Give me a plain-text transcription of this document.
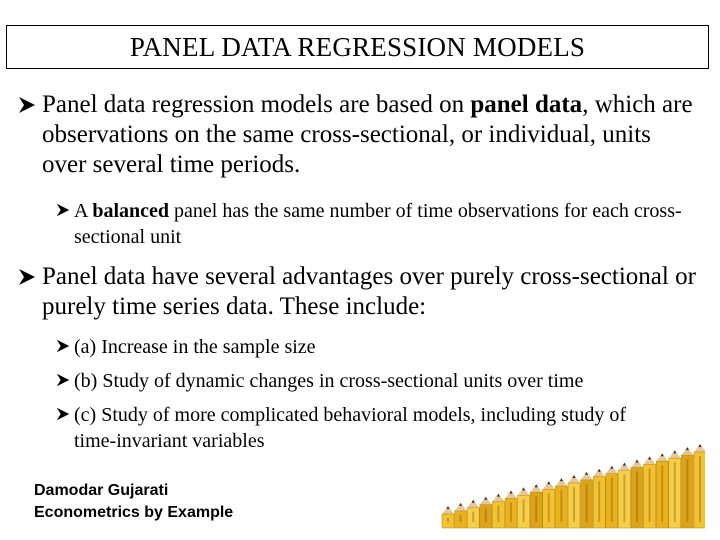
PANEL DATA REGRESSION MODELS
Panel data regression models are based on panel data, which are observations on the same cross-sectional, or individual, units over several time periods.
A balanced panel has the same number of time observations for each cross-sectional unit
Panel data have several advantages over purely cross-sectional or purely time series data. These include:
(a) Increase in the sample size
(b) Study of dynamic changes in cross-sectional units over time
(c) Study of more complicated behavioral models, including study of time-invariant variables
Damodar Gujarati
Econometrics by Example
